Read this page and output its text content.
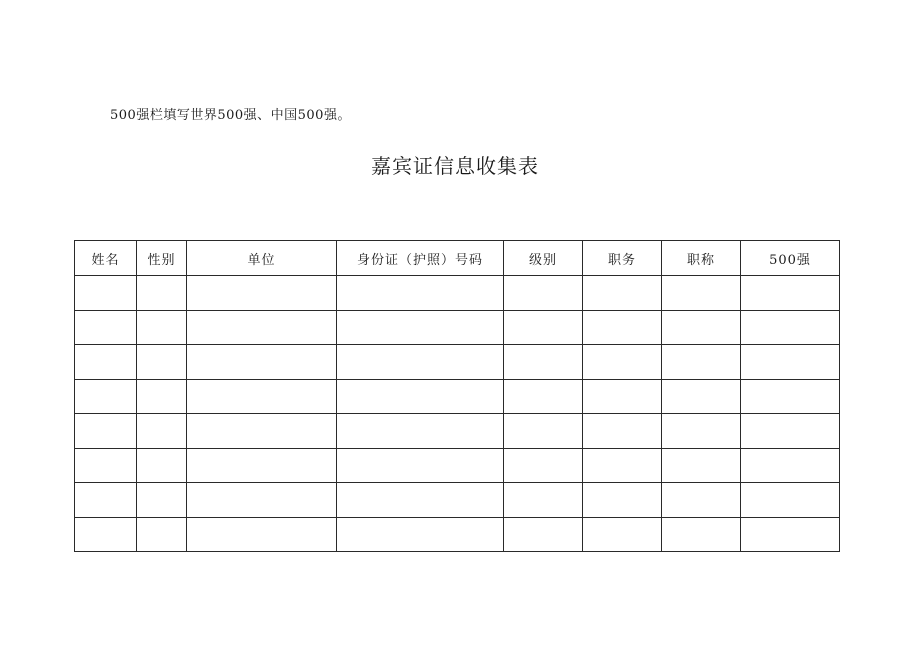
500强栏填写世界500强、中国500强。
嘉宾证信息收集表
姓名	性别	单位	身份证（护照）号码	级别	职务	职称	500强
